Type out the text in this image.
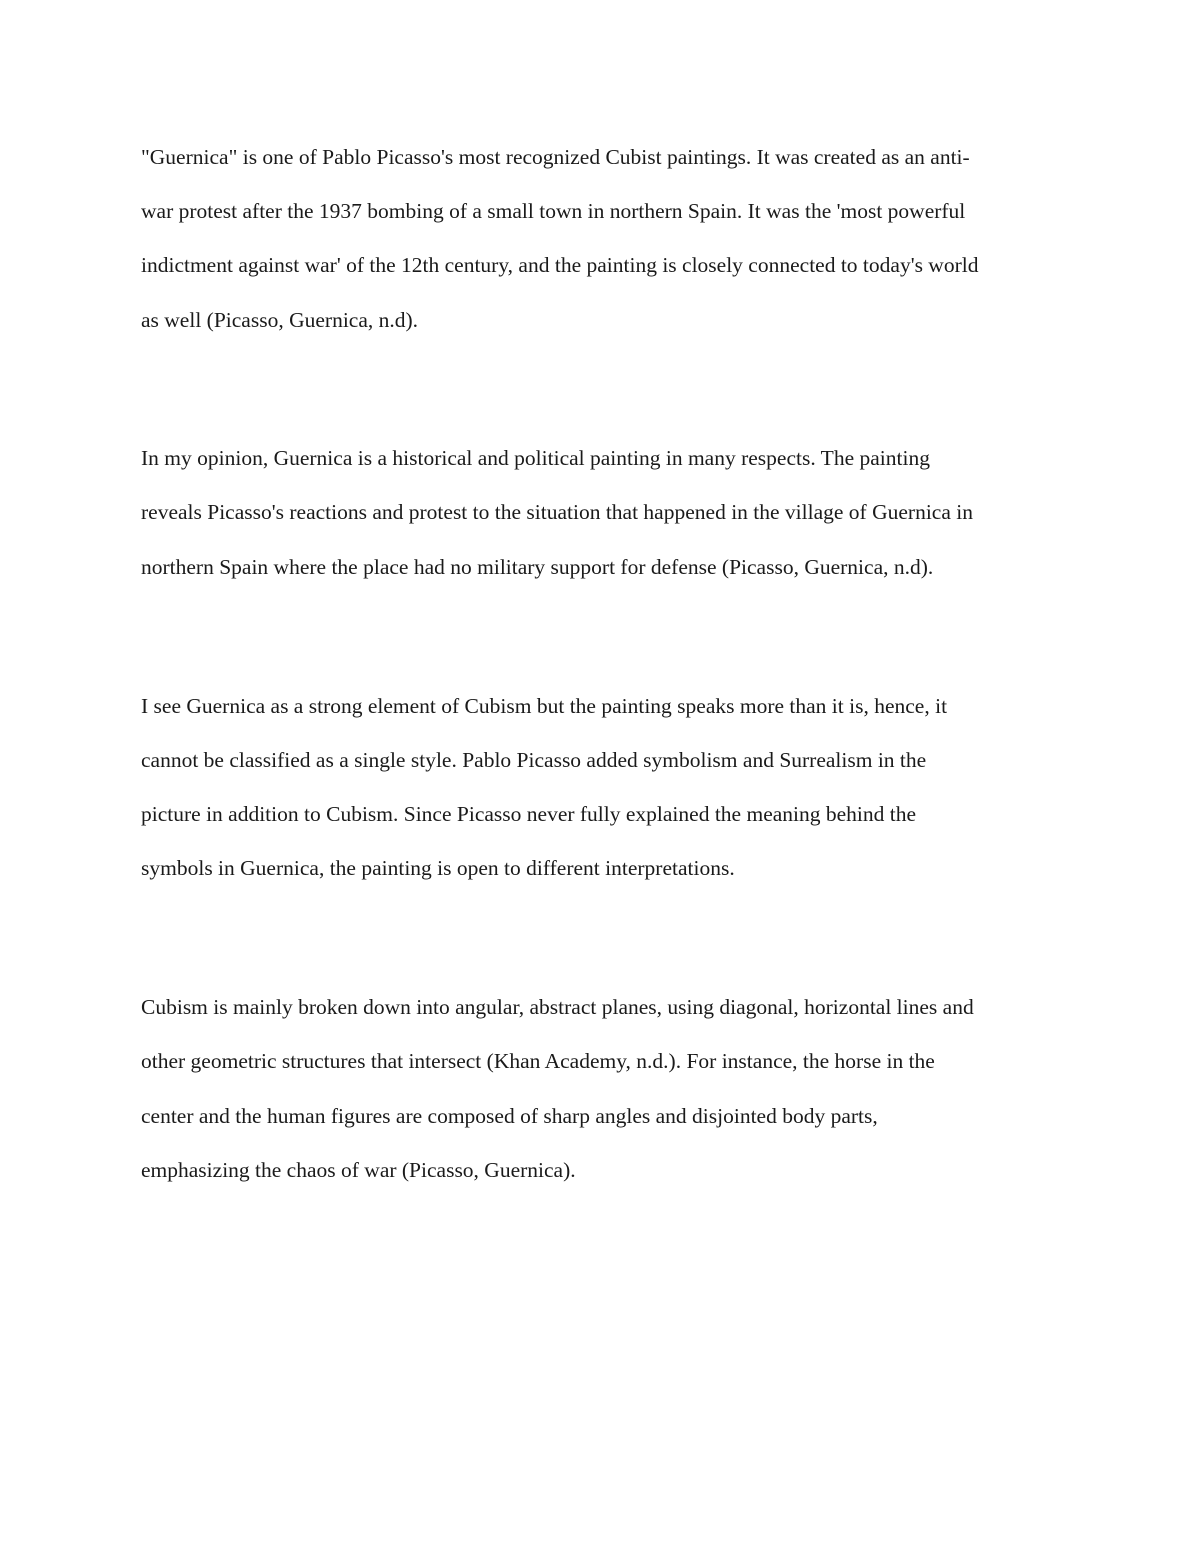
"Guernica" is one of Pablo Picasso's most recognized Cubist paintings. It was created as an anti-

war protest after the 1937 bombing of a small town in northern Spain. It was the 'most powerful

indictment against war' of the 12th century, and the painting is closely connected to today's world

as well (Picasso, Guernica, n.d).

In my opinion, Guernica is a historical and political painting in many respects. The painting

reveals Picasso's reactions and protest to the situation that happened in the village of Guernica in

northern Spain where the place had no military support for defense (Picasso, Guernica, n.d).

I see Guernica as a strong element of Cubism but the painting speaks more than it is, hence, it

cannot be classified as a single style. Pablo Picasso added symbolism and Surrealism in the

picture in addition to Cubism. Since Picasso never fully explained the meaning behind the

symbols in Guernica, the painting is open to different interpretations.

Cubism is mainly broken down into angular, abstract planes, using diagonal, horizontal lines and

other geometric structures that intersect (Khan Academy, n.d.). For instance, the horse in the

center and the human figures are composed of sharp angles and disjointed body parts,

emphasizing the chaos of war (Picasso, Guernica).
